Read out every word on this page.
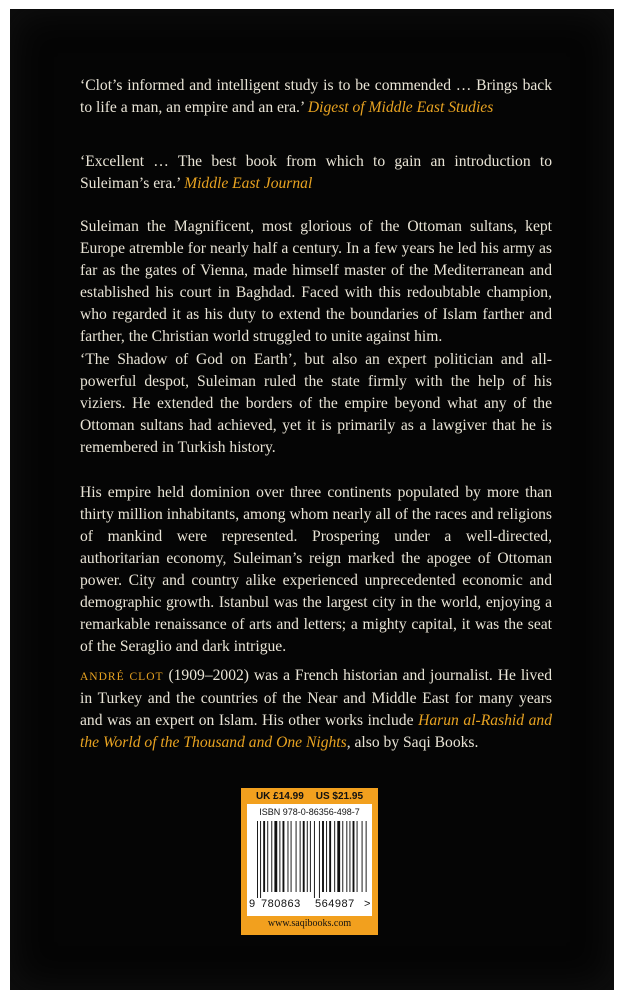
‘Clot’s informed and intelligent study is to be commended … Brings back to life a man, an empire and an era.’ Digest of Middle East Studies

‘Excellent … The best book from which to gain an introduction to Suleiman’s era.’ Middle East Journal

Suleiman the Magnificent, most glorious of the Ottoman sultans, kept Europe atremble for nearly half a century. In a few years he led his army as far as the gates of Vienna, made himself master of the Mediterranean and established his court in Baghdad. Faced with this redoubtable champion, who regarded it as his duty to extend the boundaries of Islam farther and farther, the Christian world struggled to unite against him.

‘The Shadow of God on Earth’, but also an expert politician and all-powerful despot, Suleiman ruled the state firmly with the help of his viziers. He extended the borders of the empire beyond what any of the Ottoman sultans had achieved, yet it is primarily as a lawgiver that he is remembered in Turkish history.

His empire held dominion over three continents populated by more than thirty million inhabitants, among whom nearly all of the races and religions of mankind were represented. Prospering under a well-directed, authoritarian economy, Suleiman’s reign marked the apogee of Ottoman power. City and country alike experienced unprecedented economic and demographic growth. Istanbul was the largest city in the world, enjoying a remarkable renaissance of arts and letters; a mighty capital, it was the seat of the Seraglio and dark intrigue.

ANDRÉ CLOT (1909–2002) was a French historian and journalist. He lived in Turkey and the countries of the Near and Middle East for many years and was an expert on Islam. His other works include Harun al-Rashid and the World of the Thousand and One Nights, also by Saqi Books.

UK £14.99 US $21.95
ISBN 978-0-86356-498-7
9 780863 564987 >
www.saqibooks.com
